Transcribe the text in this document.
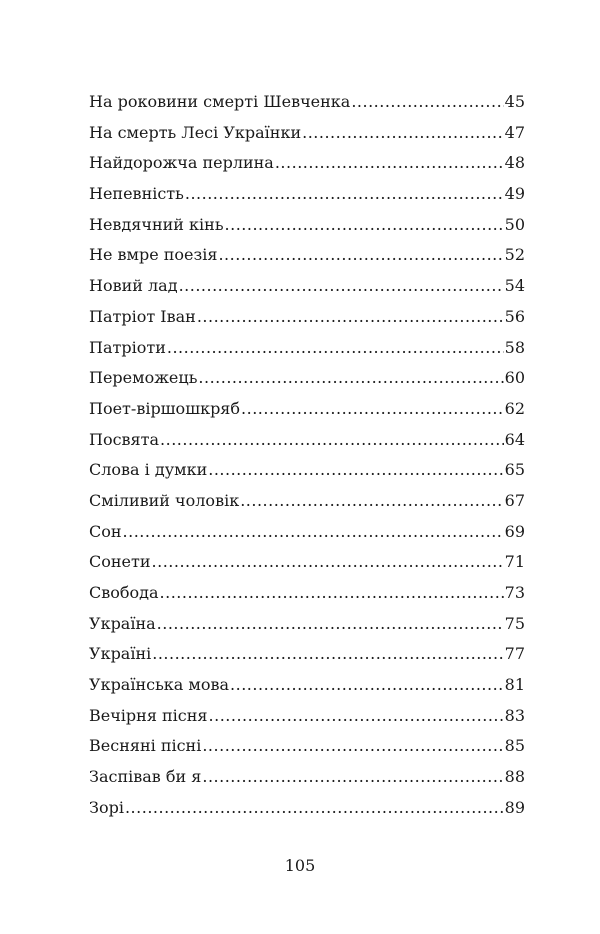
На роковини смерті Шевченка .....	45
На смерть Лесі Українки .....	47
Найдорожча перлина .....	48
Непевність .....	49
Невдячний кінь .....	50
Не вмре поезія .....	52
Новий лад .....	54
Патріот Іван .....	56
Патріоти .....	58
Переможець .....	60
Поет-віршошкряб .....	62
Посвята .....	64
Слова і думки .....	65
Сміливий чоловік .....	67
Сон .....	69
Сонети .....	71
Свобода .....	73
Україна .....	75
Україні .....	77
Українська мова .....	81
Вечірня пісня .....	83
Весняні пісні .....	85
Заспівав би я .....	88
Зорі .....	89
105
